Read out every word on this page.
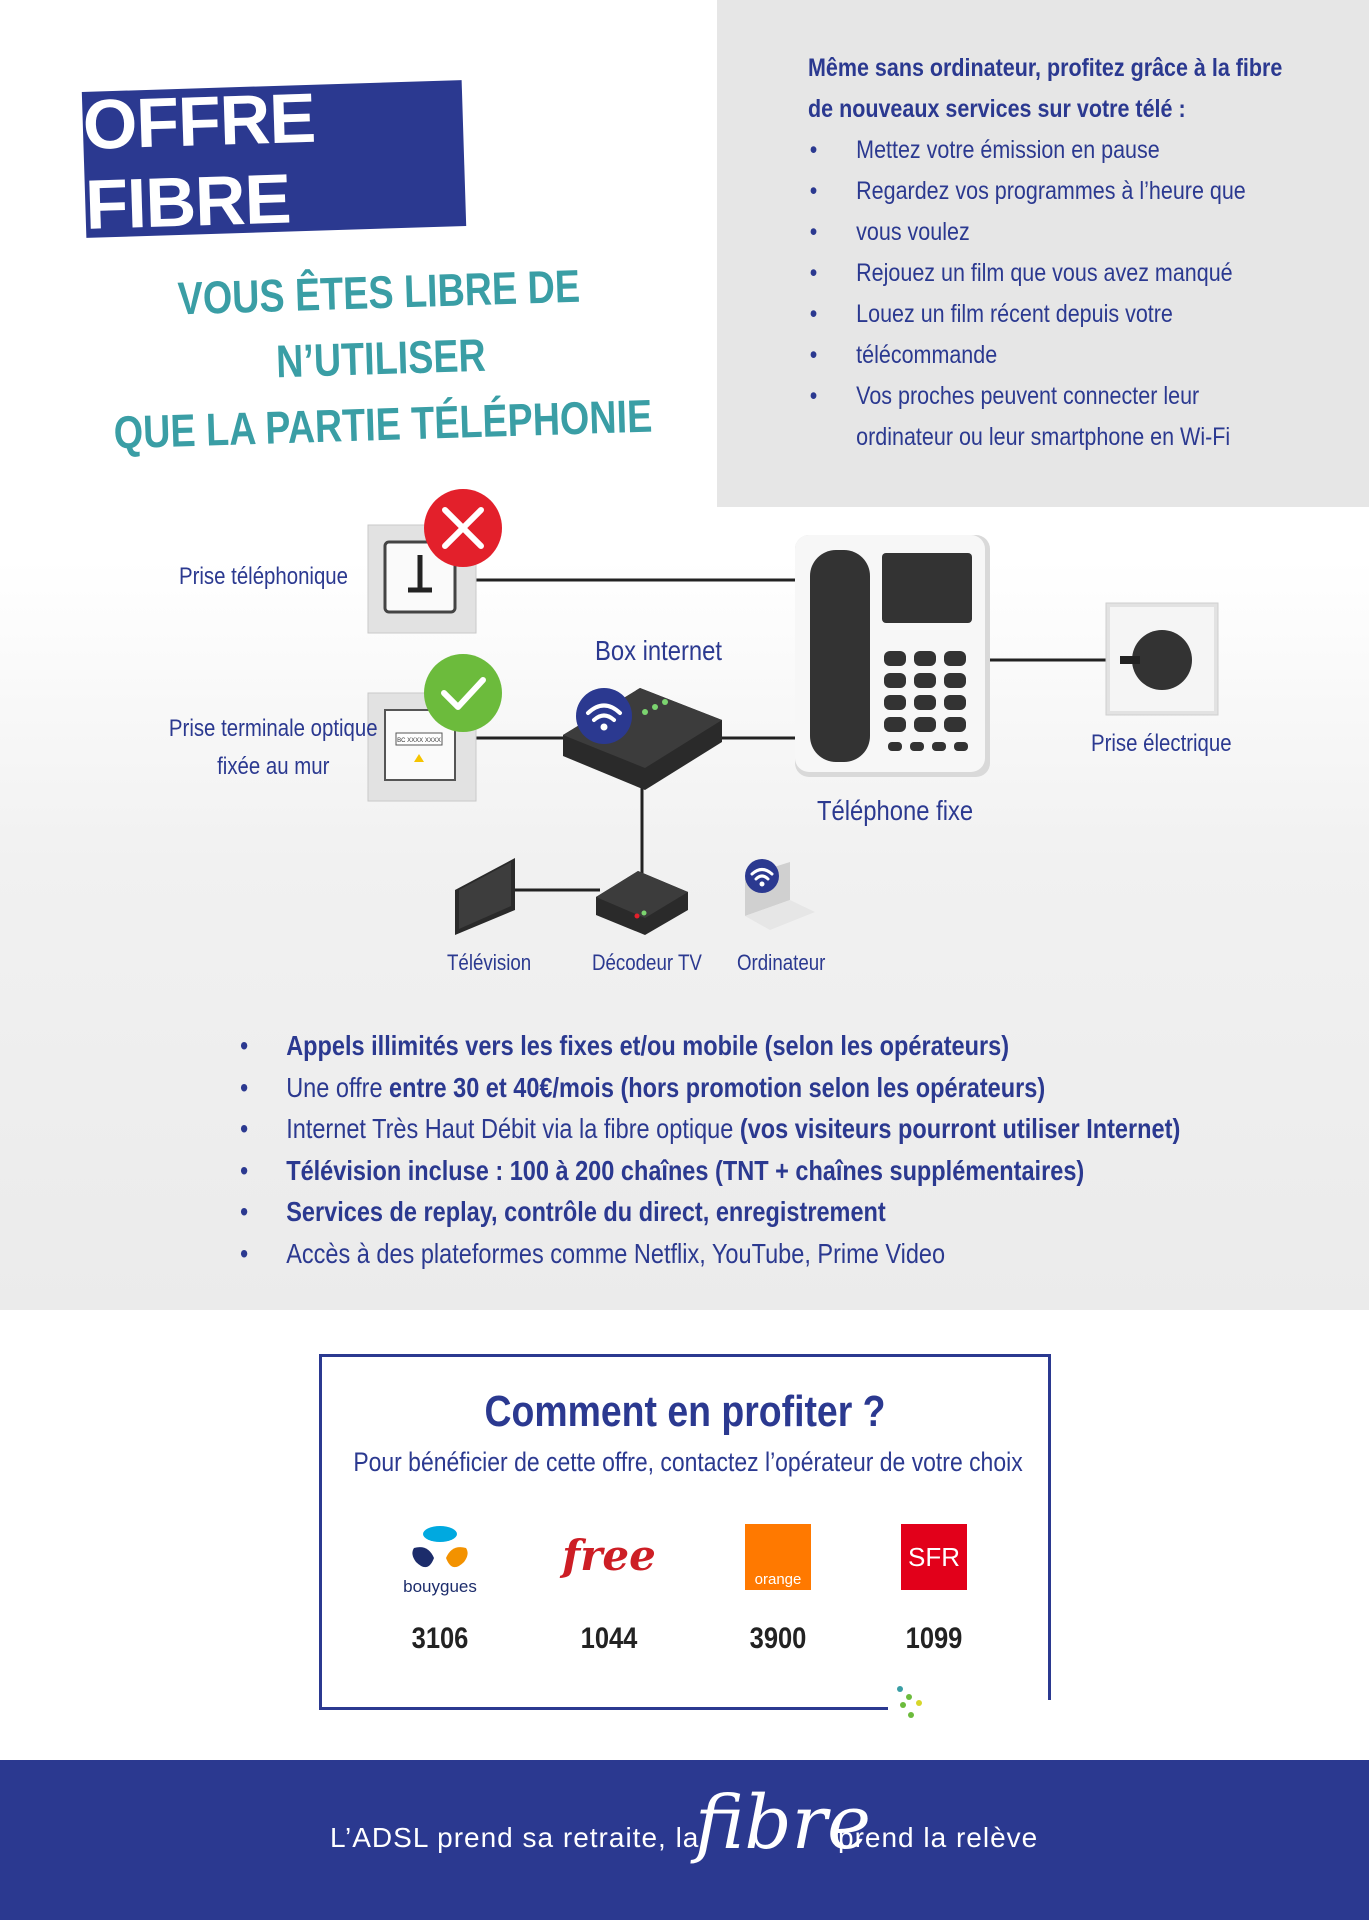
Même sans ordinateur, profitez grâce à la fibre
de nouveaux services sur votre télé :
• Mettez votre émission en pause
• Regardez vos programmes à l’heure que
• vous voulez
• Rejouez un film que vous avez manqué
• Louez un film récent depuis votre
• télécommande
• Vos proches peuvent connecter leur
ordinateur ou leur smartphone en Wi-Fi
OFFRE FIBRE
VOUS ÊTES LIBRE DE N’UTILISER
QUE LA PARTIE TÉLÉPHONIE
BC XXXX XXXX
Prise téléphonique
Prise terminale optique
fixée au mur
Box internet
Téléphone fixe
Prise électrique
Télévision	Décodeur TV Ordinateur
• Appels illimités vers les fixes et/ou mobile (selon les opérateurs)
• Une offre entre 30 et 40€/mois (hors promotion selon les opérateurs)
• Internet Très Haut Débit via la fibre optique (vos visiteurs pourront utiliser Internet)
• Télévision incluse : 100 à 200 chaînes (TNT + chaînes supplémentaires)
• Services de replay, contrôle du direct, enregistrement
• Accès à des plateformes comme Netflix, YouTube, Prime Video
Comment en profiter ?
Pour bénéficier de cette offre, contactez l’opérateur de votre choix
bouygues
3106
free
1044
orange
3900
SFR
1099
L’ADSL prend sa retraite, la
fibre
prend la relève
